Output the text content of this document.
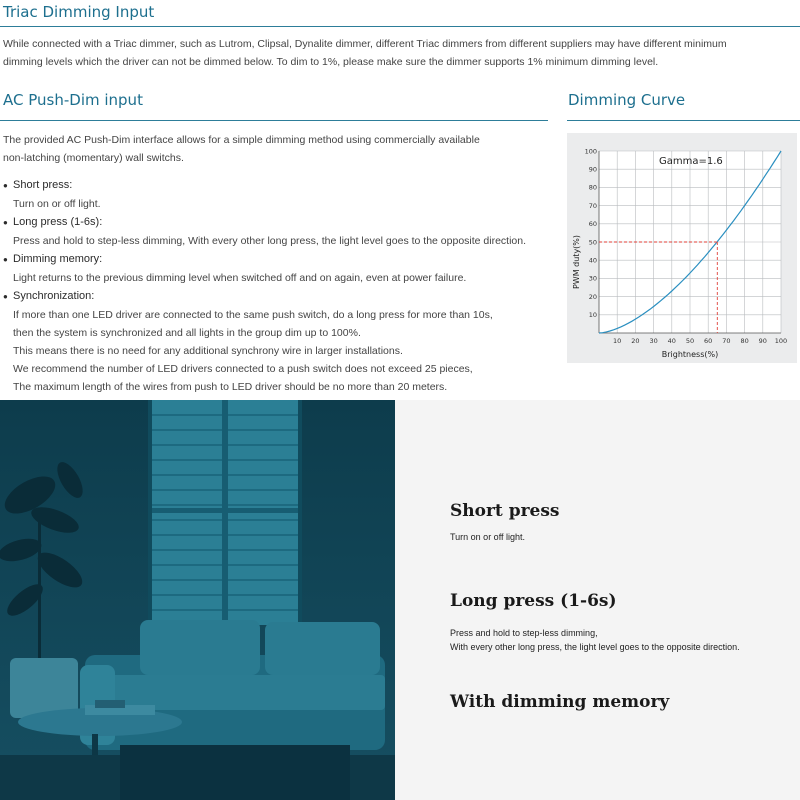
Triac Dimming Input
While connected with a Triac dimmer, such as Lutrom, Clipsal, Dynalite dimmer, different Triac dimmers from different suppliers may have different minimum
dimming levels which the driver can not be dimmed below. To dim to 1%, please make sure the dimmer supports 1% minimum dimming level.
AC Push-Dim input
The provided AC Push-Dim interface allows for a simple dimming method using commercially available
non-latching (momentary) wall switchs.
● Short press:
Turn on or off light.
● Long press (1-6s):
Press and hold to step-less dimming, With every other long press, the light level goes to the opposite direction.
● Dimming memory:
Light returns to the previous dimming level when switched off and on again, even at power failure.
● Synchronization:
If more than one LED driver are connected to the same push switch, do a long press for more than 10s,
then the system is synchronized and all lights in the group dim up to 100%.
This means there is no need for any additional synchrony wire in larger installations.
We recommend the number of LED drivers connected to a push switch does not exceed 25 pieces,
The maximum length of the wires from push to LED driver should be no more than 20 meters.
Dimming Curve
10 20 30 40 50 60 70 80 90 100
10
20
30
40
50
60
70
80
90
100
Gamma=1.6
Brightness(%)
PWM duty(%)
Short press
Turn on or off light.
Long press (1-6s)
Press and hold to step-less dimming,
With every other long press, the light level goes to the opposite direction.
With dimming memory
